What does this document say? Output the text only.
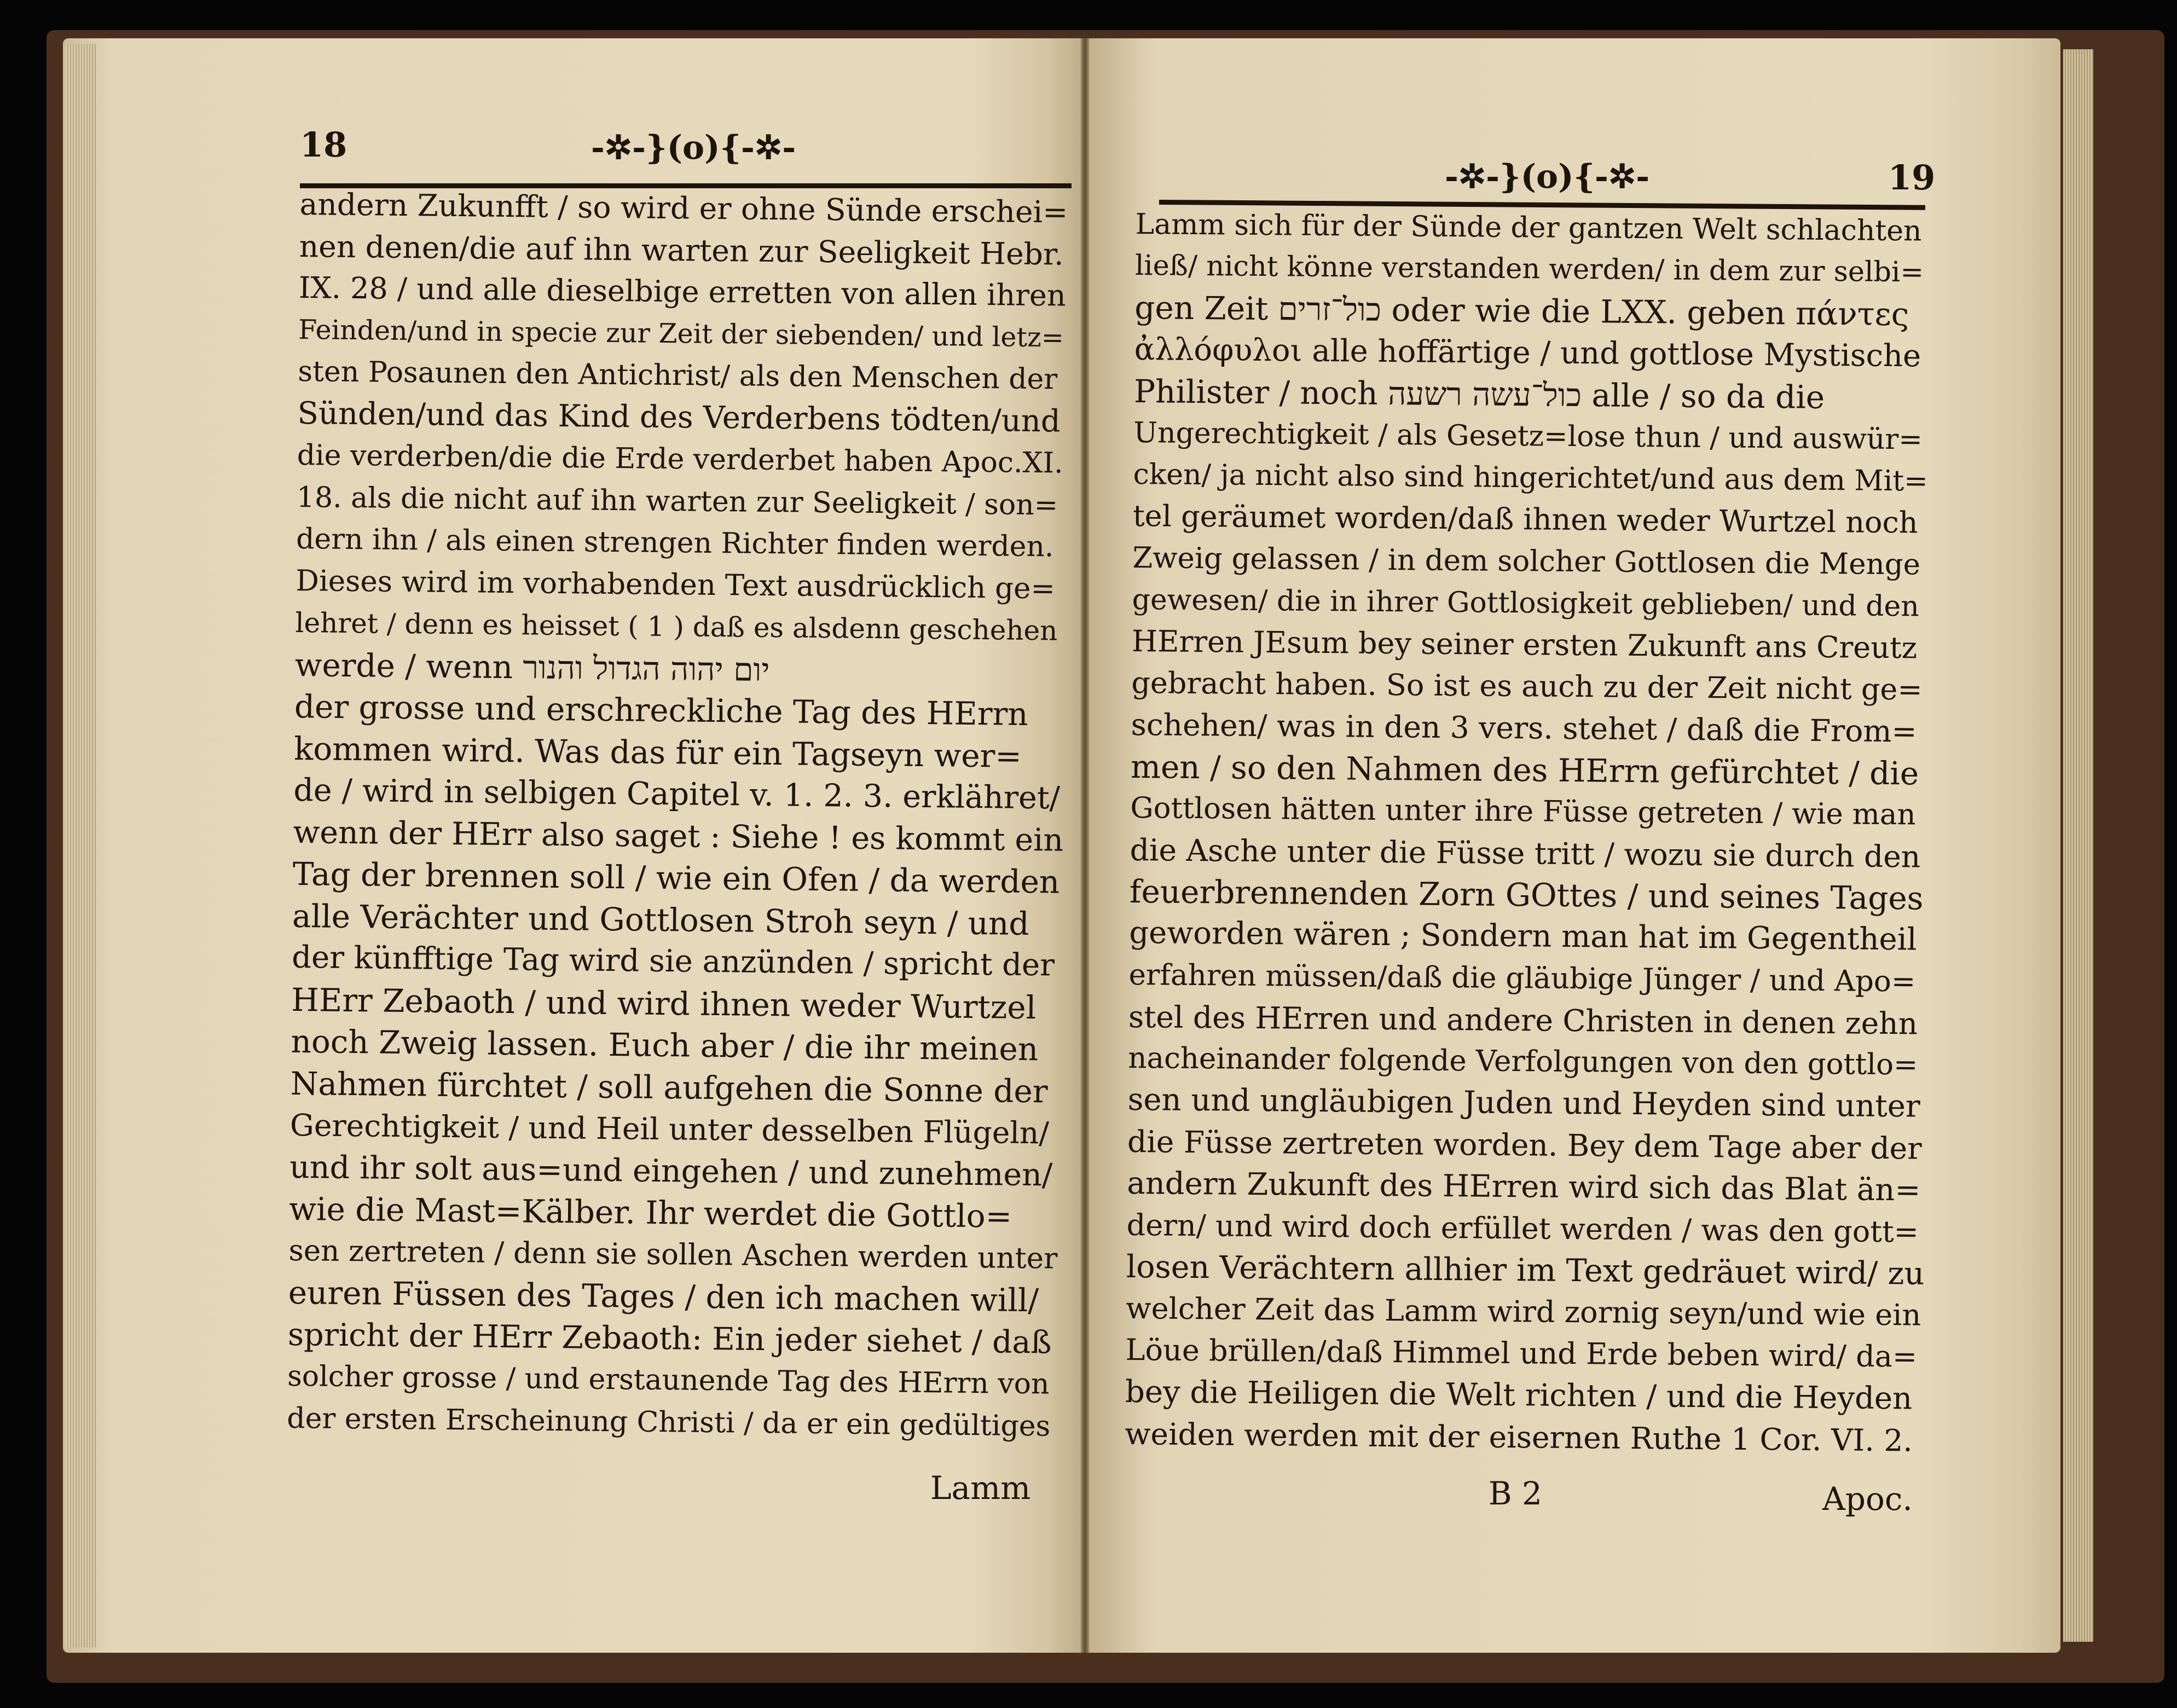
18	-✲-}(o){-✲-
andern Zukunfft / so wird er ohne Sünde erschei=
nen denen/die auf ihn warten zur Seeligkeit Hebr.
IX. 28 / und alle dieselbige erretten von allen ihren
Feinden/und in specie zur Zeit der siebenden/ und letz=
sten Posaunen den Antichrist/ als den Menschen der
Sünden/und das Kind des Verderbens tödten/und
die verderben/die die Erde verderbet haben Apoc.XI.
18. als die nicht auf ihn warten zur Seeligkeit / son=
dern ihn / als einen strengen Richter finden werden.
Dieses wird im vorhabenden Text ausdrücklich ge=
lehret / denn es heisset ( 1 ) daß es alsdenn geschehen
werde / wenn יום יהוה הגדול והנור
der grosse und erschreckliche Tag des HErrn
kommen wird. Was das für ein Tagseyn wer=
de / wird in selbigen Capitel v. 1. 2. 3. erklähret/
wenn der HErr also saget : Siehe ! es kommt ein
Tag der brennen soll / wie ein Ofen / da werden
alle Verächter und Gottlosen Stroh seyn / und
der künfftige Tag wird sie anzünden / spricht der
HErr Zebaoth / und wird ihnen weder Wurtzel
noch Zweig lassen. Euch aber / die ihr meinen
Nahmen fürchtet / soll aufgehen die Sonne der
Gerechtigkeit / und Heil unter desselben Flügeln/
und ihr solt aus=und eingehen / und zunehmen/
wie die Mast=Kälber. Ihr werdet die Gottlo=
sen zertreten / denn sie sollen Aschen werden unter
euren Füssen des Tages / den ich machen will/
spricht der HErr Zebaoth: Ein jeder siehet / daß
solcher grosse / und erstaunende Tag des HErrn von
der ersten Erscheinung Christi / da er ein gedültiges
Lamm
-✲-}(o){-✲-	19
Lamm sich für der Sünde der gantzen Welt schlachten
ließ/ nicht könne verstanden werden/ in dem zur selbi=
gen Zeit כול־זרים oder wie die LXX. geben πάντες
ἀλλόφυλοι alle hoffärtige / und gottlose Mystische
Philister / noch כול־עשה רשעה alle / so da die
Ungerechtigkeit / als Gesetz=lose thun / und auswür=
cken/ ja nicht also sind hingerichtet/und aus dem Mit=
tel geräumet worden/daß ihnen weder Wurtzel noch
Zweig gelassen / in dem solcher Gottlosen die Menge
gewesen/ die in ihrer Gottlosigkeit geblieben/ und den
HErren JEsum bey seiner ersten Zukunft ans Creutz
gebracht haben. So ist es auch zu der Zeit nicht ge=
schehen/ was in den 3 vers. stehet / daß die From=
men / so den Nahmen des HErrn gefürchtet / die
Gottlosen hätten unter ihre Füsse getreten / wie man
die Asche unter die Füsse tritt / wozu sie durch den
feuerbrennenden Zorn GOttes / und seines Tages
geworden wären ; Sondern man hat im Gegentheil
erfahren müssen/daß die gläubige Jünger / und Apo=
stel des HErren und andere Christen in denen zehn
nacheinander folgende Verfolgungen von den gottlo=
sen und ungläubigen Juden und Heyden sind unter
die Füsse zertreten worden. Bey dem Tage aber der
andern Zukunft des HErren wird sich das Blat än=
dern/ und wird doch erfüllet werden / was den gott=
losen Verächtern allhier im Text gedräuet wird/ zu
welcher Zeit das Lamm wird zornig seyn/und wie ein
Löue brüllen/daß Himmel und Erde beben wird/ da=
bey die Heiligen die Welt richten / und die Heyden
weiden werden mit der eisernen Ruthe 1 Cor. VI. 2.
B 2	Apoc.
